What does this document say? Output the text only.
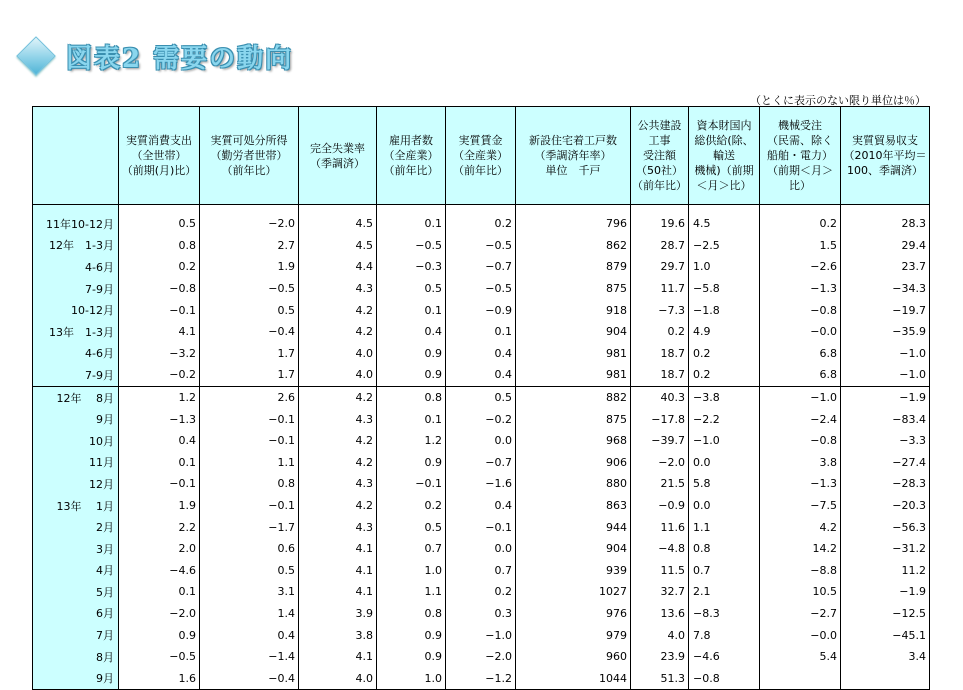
図表2 需要の動向
（とくに表示のない限り単位は％）
	実質消費支出
（全世帯）
（前期(月)比）	実質可処分所得
（勤労者世帯）
（前年比）	完全失業率
（季調済）	雇用者数
（全産業）
（前年比）	実質賃金
（全産業）
（前年比）	新設住宅着工戸数
（季調済年率）
単位　千戸	公共建設
工事
受注額
（50社）
（前年比）	資本財国内
総供給(除、
輸送
機械)（前期
＜月＞比）	機械受注
（民需、除く
船舶・電力）
（前期＜月＞
比）	実質貿易収支
（2010年平均＝
100、季調済）

11年10-12月	0.5	−2.0	4.5	0.1	0.2	796	19.6	4.5	0.2	28.3
12年　1-3月	0.8	2.7	4.5	−0.5	−0.5	862	28.7	−2.5	1.5	29.4
4-6月	0.2	1.9	4.4	−0.3	−0.7	879	29.7	1.0	−2.6	23.7
7-9月	−0.8	−0.5	4.3	0.5	−0.5	875	11.7	−5.8	−1.3	−34.3
10-12月	−0.1	0.5	4.2	0.1	−0.9	918	−7.3	−1.8	−0.8	−19.7
13年　1-3月	4.1	−0.4	4.2	0.4	0.1	904	0.2	4.9	−0.0	−35.9
4-6月	−3.2	1.7	4.0	0.9	0.4	981	18.7	0.2	6.8	−1.0
7-9月	−0.2	1.7	4.0	0.9	0.4	981	18.7	0.2	6.8	−1.0
12年　 8月	1.2	2.6	4.2	0.8	0.5	882	40.3	−3.8	−1.0	−1.9
9月	−1.3	−0.1	4.3	0.1	−0.2	875	−17.8	−2.2	−2.4	−83.4
10月	0.4	−0.1	4.2	1.2	0.0	968	−39.7	−1.0	−0.8	−3.3
11月	0.1	1.1	4.2	0.9	−0.7	906	−2.0	0.0	3.8	−27.4
12月	−0.1	0.8	4.3	−0.1	−1.6	880	21.5	5.8	−1.3	−28.3
13年　 1月	1.9	−0.1	4.2	0.2	0.4	863	−0.9	0.0	−7.5	−20.3
2月	2.2	−1.7	4.3	0.5	−0.1	944	11.6	1.1	4.2	−56.3
3月	2.0	0.6	4.1	0.7	0.0	904	−4.8	0.8	14.2	−31.2
4月	−4.6	0.5	4.1	1.0	0.7	939	11.5	0.7	−8.8	11.2
5月	0.1	3.1	4.1	1.1	0.2	1027	32.7	2.1	10.5	−1.9
6月	−2.0	1.4	3.9	0.8	0.3	976	13.6	−8.3	−2.7	−12.5
7月	0.9	0.4	3.8	0.9	−1.0	979	4.0	7.8	−0.0	−45.1
8月	−0.5	−1.4	4.1	0.9	−2.0	960	23.9	−4.6	5.4	3.4
9月	1.6	−0.4	4.0	1.0	−1.2	1044	51.3	−0.8		
